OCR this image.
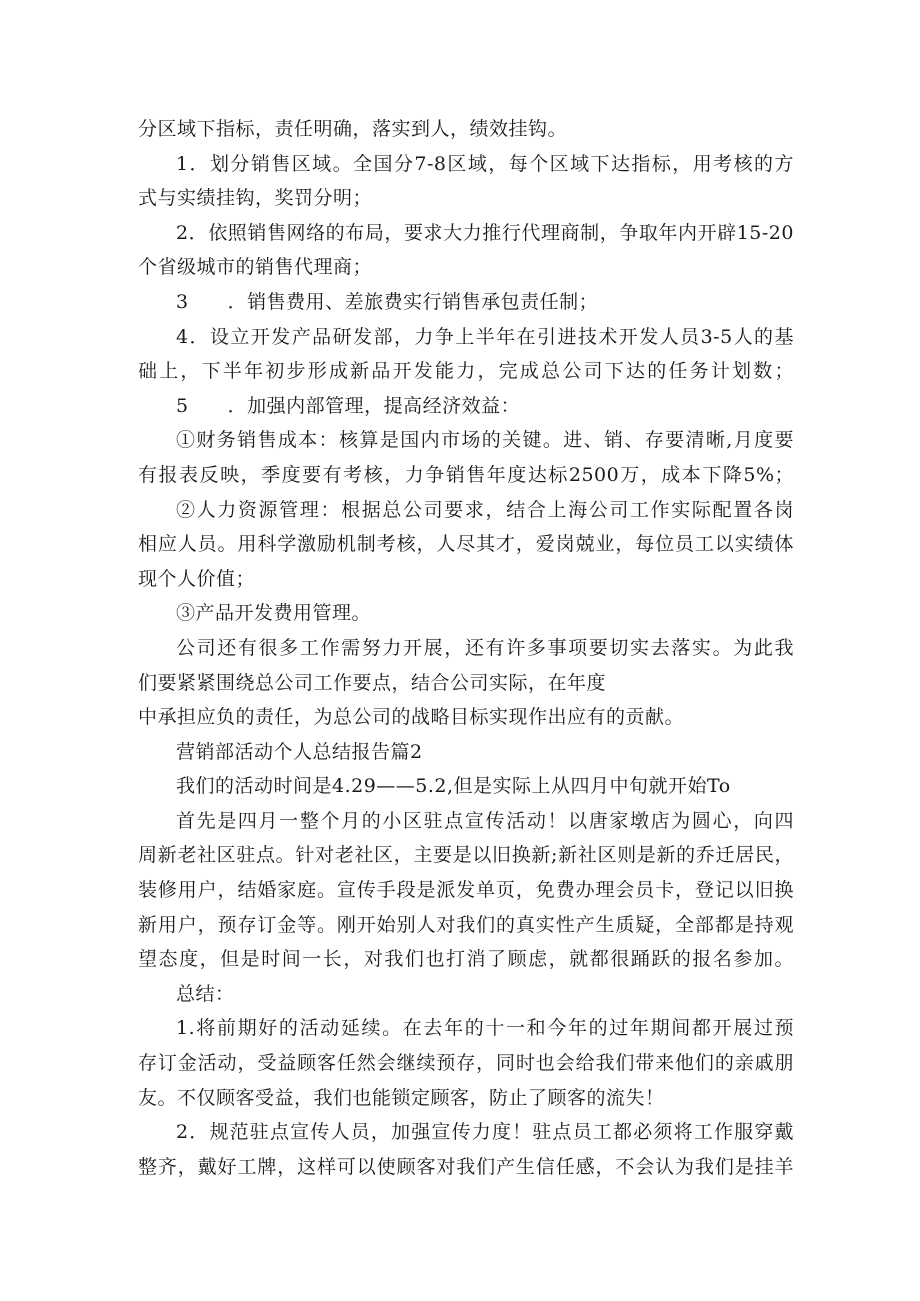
分区域下指标，责任明确，落实到人，绩效挂钩。
1．划分销售区域。全国分7-8区域，每个区域下达指标，用考核的方
式与实绩挂钩，奖罚分明；
2．依照销售网络的布局，要求大力推行代理商制，争取年内开辟15-20
个省级城市的销售代理商；
3　　．销售费用、差旅费实行销售承包责任制；
4．设立开发产品研发部，力争上半年在引进技术开发人员3-5人的基
础上，下半年初步形成新品开发能力，完成总公司下达的任务计划数；
5　　．加强内部管理，提高经济效益：
①财务销售成本：核算是国内市场的关键。进、销、存要清晰,月度要
有报表反映，季度要有考核，力争销售年度达标2500万，成本下降5%；
②人力资源管理：根据总公司要求，结合上海公司工作实际配置各岗
相应人员。用科学激励机制考核，人尽其才，爱岗兢业，每位员工以实绩体
现个人价值；
③产品开发费用管理。
公司还有很多工作需努力开展，还有许多事项要切实去落实。为此我
们要紧紧围绕总公司工作要点，结合公司实际，在年度
中承担应负的责任，为总公司的战略目标实现作出应有的贡献。
营销部活动个人总结报告篇2
我们的活动时间是4.29——5.2,但是实际上从四月中旬就开始To
首先是四月一整个月的小区驻点宣传活动！以唐家墩店为圆心，向四
周新老社区驻点。针对老社区，主要是以旧换新;新社区则是新的乔迁居民，
装修用户，结婚家庭。宣传手段是派发单页，免费办理会员卡，登记以旧换
新用户，预存订金等。刚开始别人对我们的真实性产生质疑，全部都是持观
望态度，但是时间一长，对我们也打消了顾虑，就都很踊跃的报名参加。
总结：
1.将前期好的活动延续。在去年的十一和今年的过年期间都开展过预
存订金活动，受益顾客任然会继续预存，同时也会给我们带来他们的亲戚朋
友。不仅顾客受益，我们也能锁定顾客，防止了顾客的流失！
2．规范驻点宣传人员，加强宣传力度！驻点员工都必须将工作服穿戴
整齐，戴好工牌，这样可以使顾客对我们产生信任感，不会认为我们是挂羊
